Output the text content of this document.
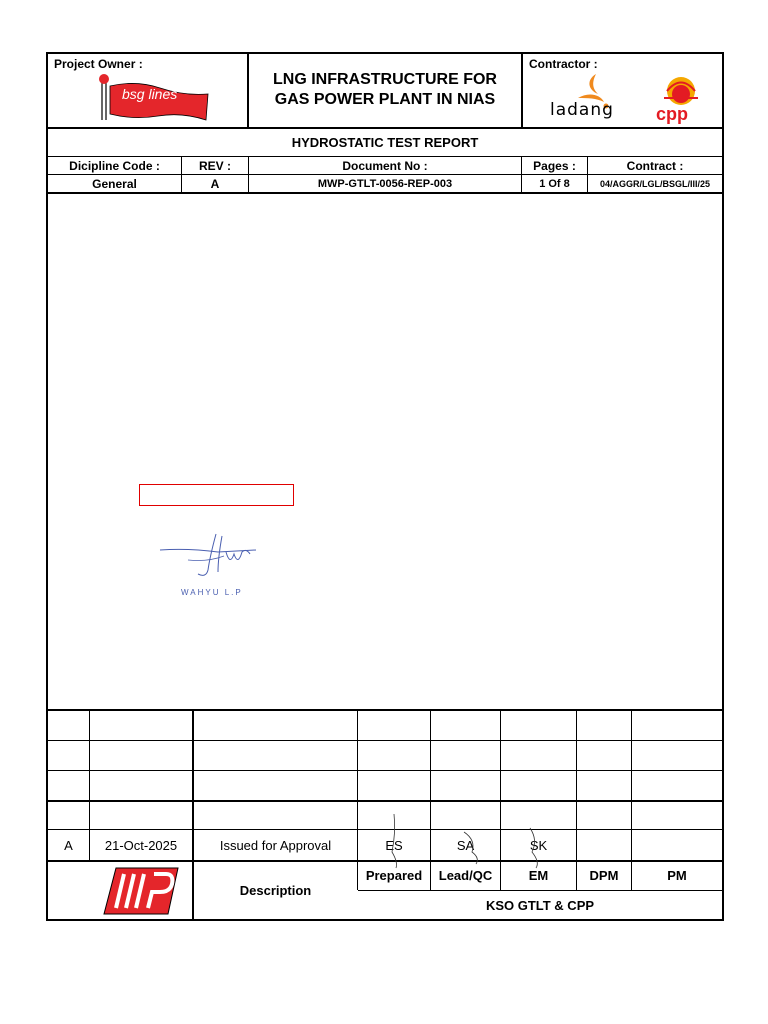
Project Owner :
bsg lines
LNG INFRASTRUCTURE FOR
GAS POWER PLANT IN NIAS
Contractor :
ladang cpp
HYDROSTATIC TEST REPORT
Dicipline Code :	REV :	Document No :	Pages :	Contract :
General	A	MWP-GTLT-0056-REP-003	1 Of 8	04/AGGR/LGL/BSGL/III/25
WAHYU L.P
A	21-Oct-2025	Issued for Approval	ES	SA	SK
Description
Prepared	Lead/QC	EM	DPM	PM
KSO GTLT & CPP
